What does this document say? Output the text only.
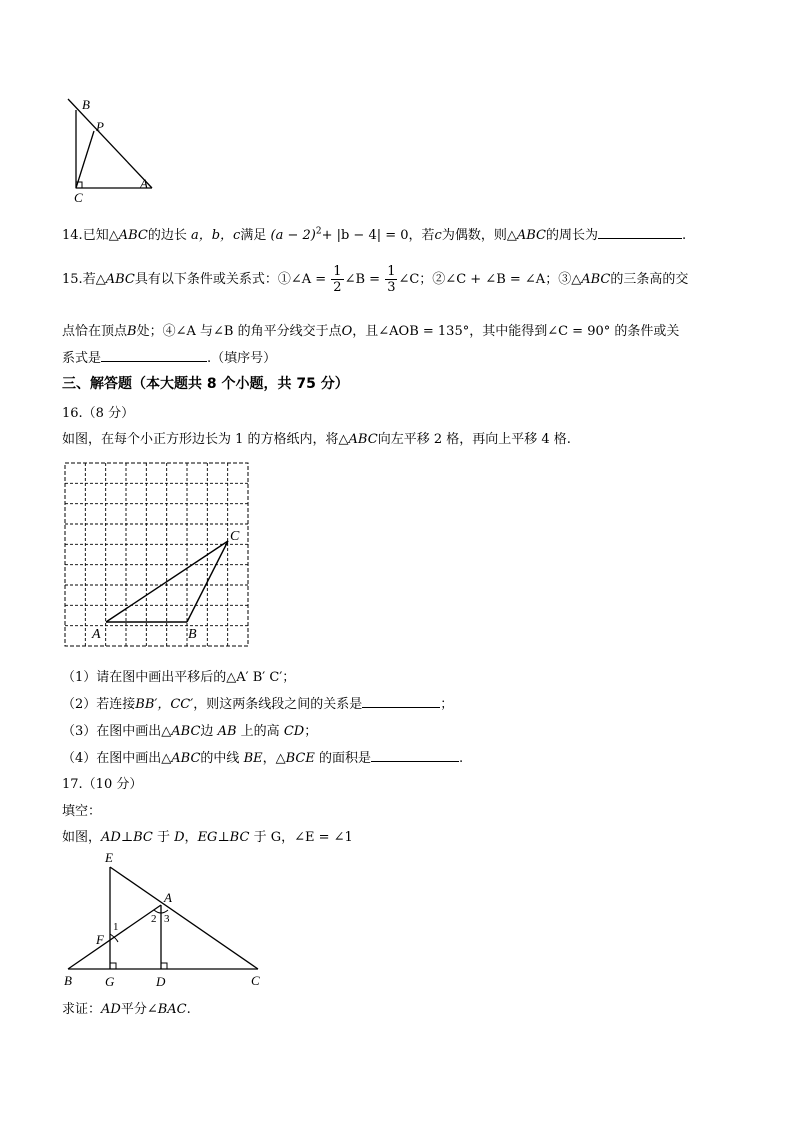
B
P
C
A
14.已知△ABC的边长 a，b，c满足 $(a - 2)^2+ |b - 4| = 0$，若c为偶数，则△ABC的周长为	.
15.若△ABC具有以下条件或关系式：①∠A = $\frac{1}{2}$ ∠B = $\frac{1}{3}$ ∠C；②∠C + ∠B = ∠A；③△ABC的三条高的交
点恰在顶点B处；④∠A 与∠B 的角平分线交于点O，且∠AOB = 135°，其中能得到∠C = 90° 的条件或关
系式是	.（填序号）
三、解答题（本大题共 8 个小题，共 75 分）
16.（8 分）
如图，在每个小正方形边长为 1 的方格纸内，将△ABC向左平移 2 格，再向上平移 4 格.
A	B
C
（1）请在图中画出平移后的△A′ B′ C′；
（2）若连接BB′，CC′，则这两条线段之间的关系是	；
（3）在图中画出△ABC边 AB 上的高 CD；
（4）在图中画出△ABC的中线 BE，△BCE 的面积是	.
17.（10 分）
填空：
如图，AD⊥BC 于 D，EG⊥BC 于 G，∠E = ∠1
E
A
F
B	G	D	C
1
2 3
求证：AD平分∠BAC.
